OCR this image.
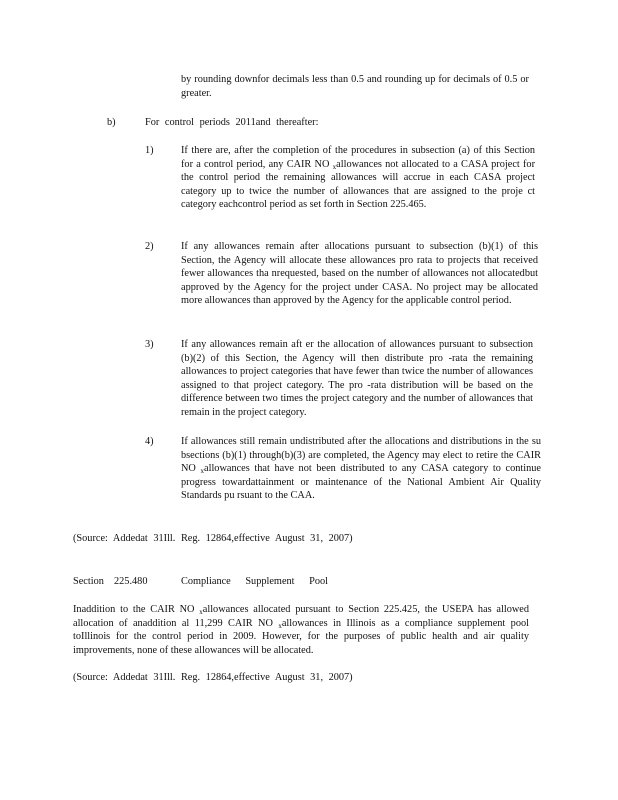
by rounding downfor decimals less than 0.5 and rounding up for decimals of 0.5 or greater.
b)	For control periods 2011and thereafter:
1)	If there are, after the completion of the procedures in subsection (a) of this Section for a control period, any CAIR NO $_x$allowances not allocated to a CASA project for the control period the remaining allowances will accrue in each CASA project category up to twice the number of allowances that are assigned to the proje ct category eachcontrol period as set forth in Section 225.465.
2)	If any allowances remain after allocations pursuant to subsection (b)(1) of this Section, the Agency will allocate these allowances pro rata to projects that received fewer allowances tha nrequested, based on the number of allowances not allocatedbut approved by the Agency for the project under CASA. No project may be allocated more allowances than approved by the Agency for the applicable control period.
3)	If any allowances remain aft er the allocation of allowances pursuant to subsection (b)(2) of this Section, the Agency will then distribute pro -rata the remaining allowances to project categories that have fewer than twice the number of allowances assigned to that project category. The pro -rata distribution will be based on the difference between two times the project category and the number of allowances that remain in the project category.
4)	If allowances still remain undistributed after the allocations and distributions in the su bsections (b)(1) through(b)(3) are completed, the Agency may elect to retire the CAIR NO $_x$allowances that have not been distributed to any CASA category to continue progress towardattainment or maintenance of the National Ambient Air Quality Standards pu rsuant to the CAA.
(Source: Addedat 31Ill. Reg. 12864,effective August 31, 2007)
Section 225.480	Compliance Supplement Pool
Inaddition to the CAIR NO $_x$allowances allocated pursuant to Section 225.425, the USEPA has allowed allocation of anaddition al 11,299 CAIR NO $_x$allowances in Illinois as a compliance supplement pool toIllinois for the control period in 2009. However, for the purposes of public health and air quality improvements, none of these allowances will be allocated.
(Source: Addedat 31Ill. Reg. 12864,effective August 31, 2007)
